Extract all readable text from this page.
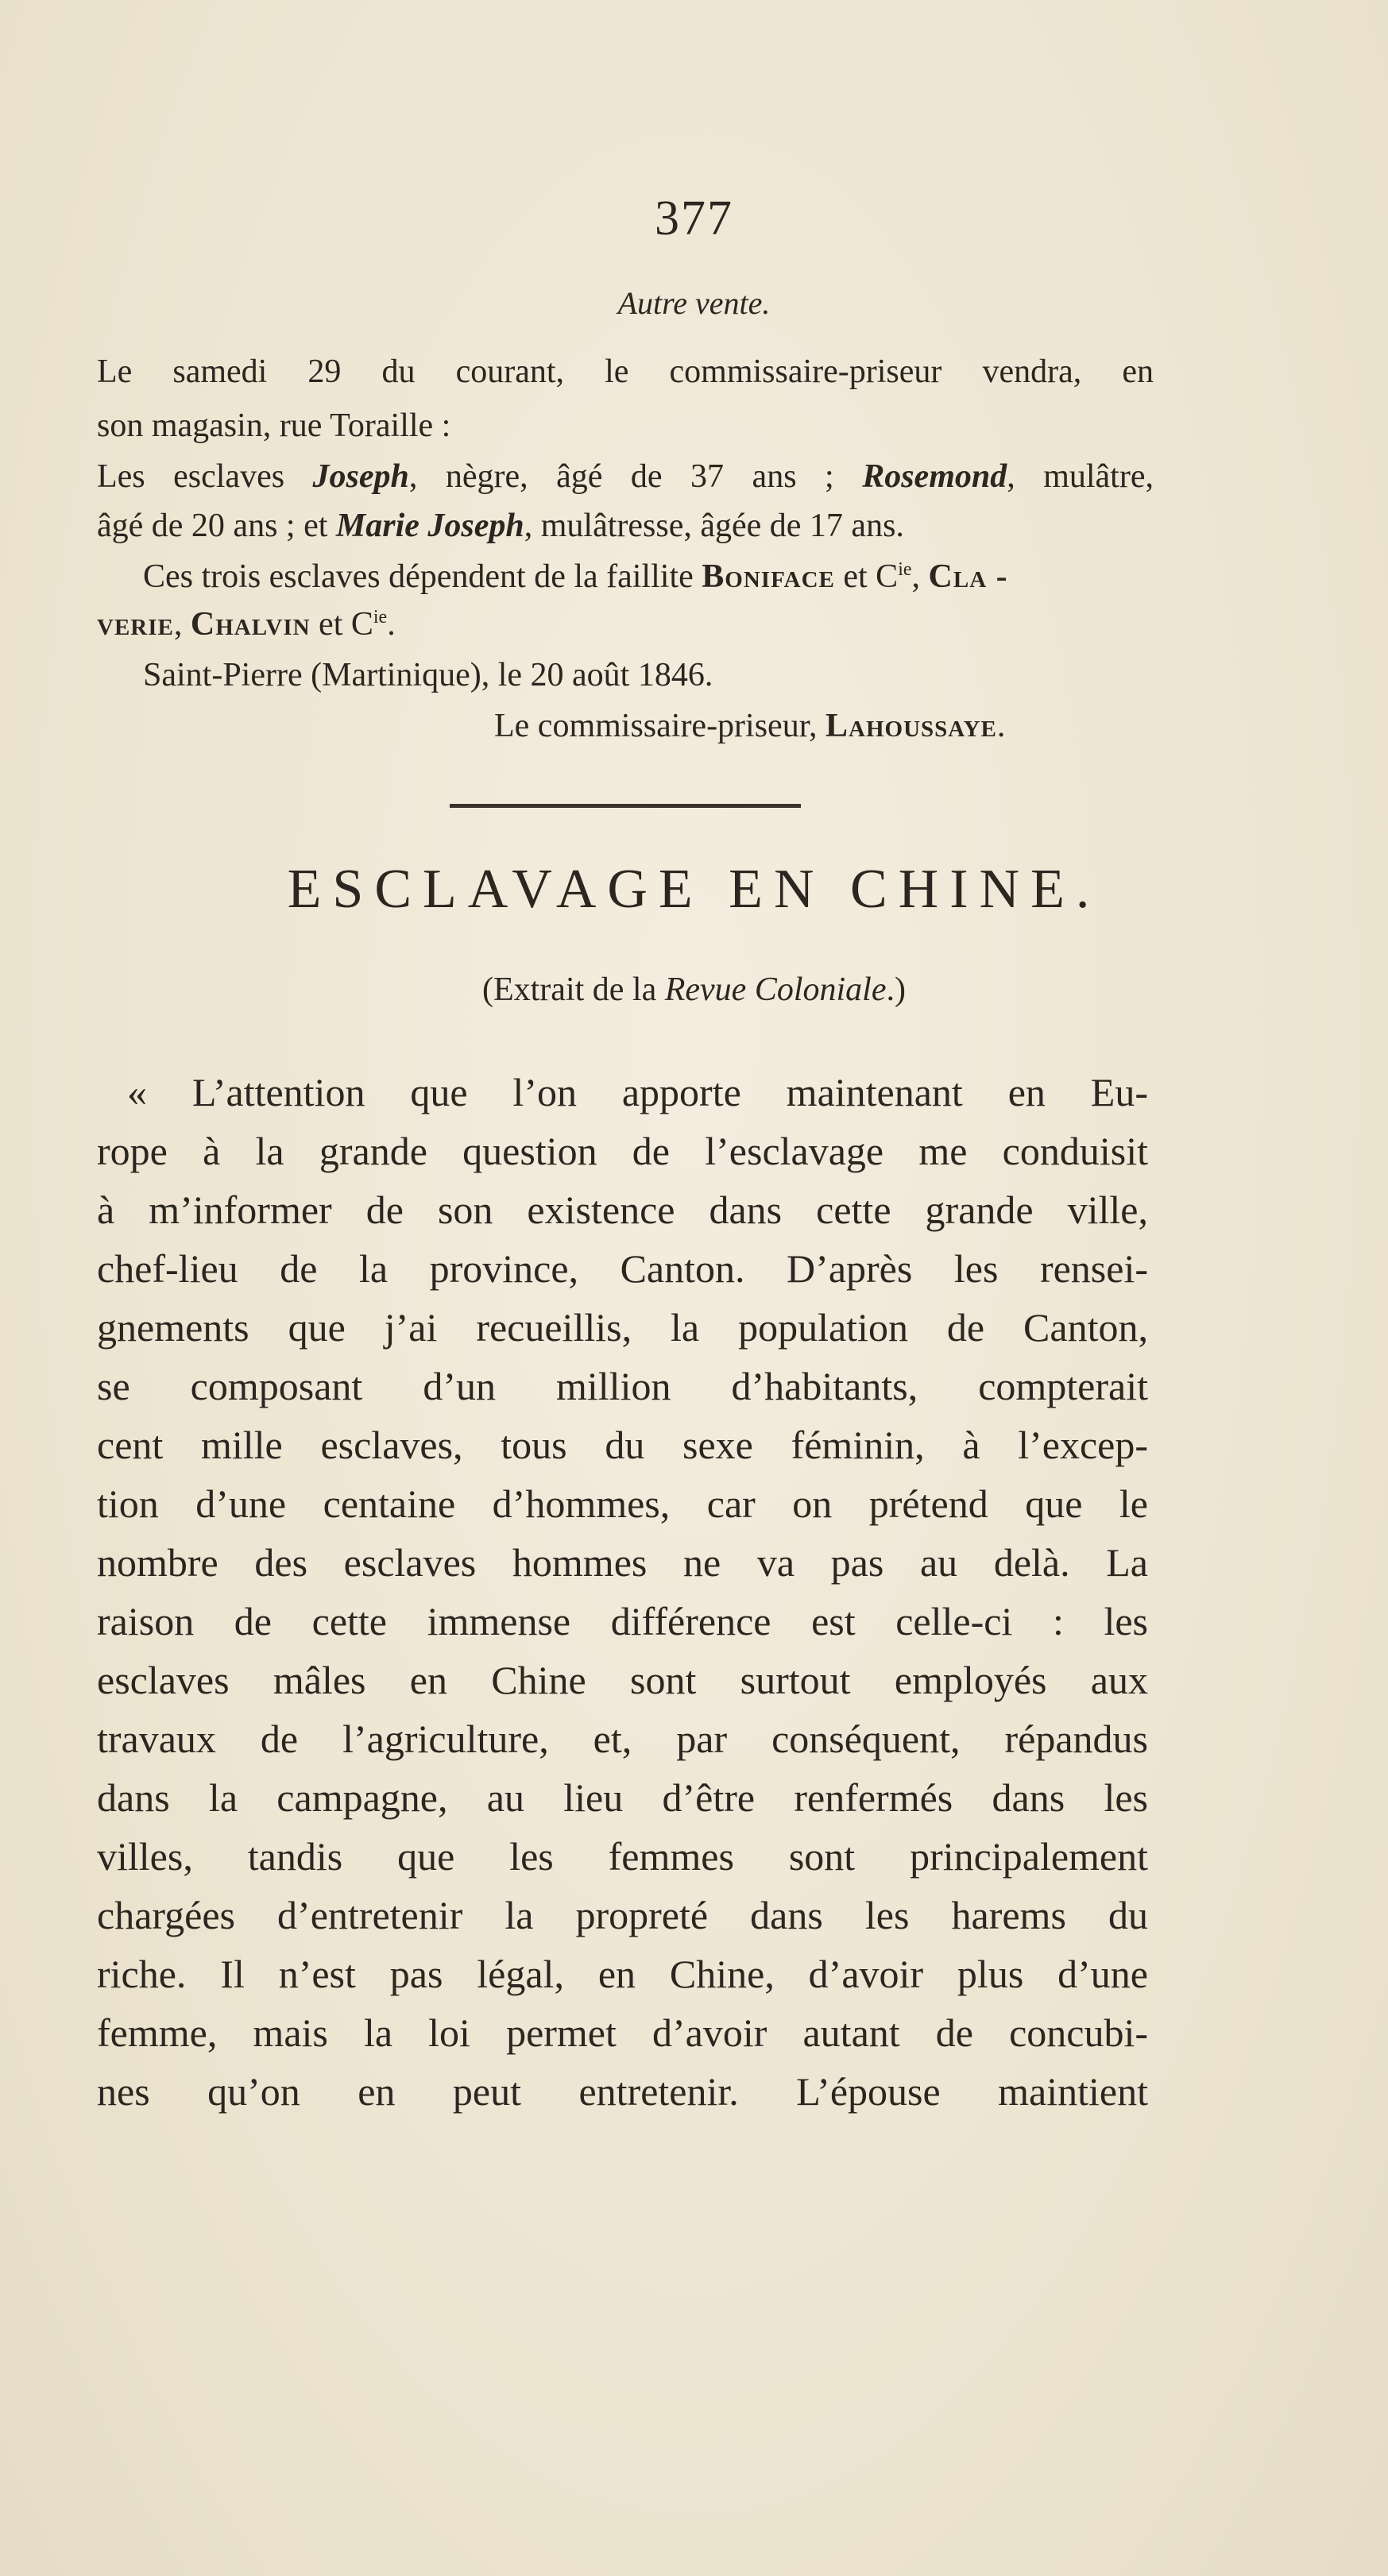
377
Autre vente.
Le samedi 29 du courant, le commissaire-priseur vendra, en
son magasin, rue Toraille :
Les esclaves Joseph, nègre, âgé de 37 ans ; Rosemond, mulâtre,
âgé de 20 ans ; et Marie Joseph, mulâtresse, âgée de 17 ans.
Ces trois esclaves dépendent de la faillite Boniface et $C^{ie}$, Cla -
verie, Chalvin et $C^{ie}$.
Saint-Pierre (Martinique), le 20 août 1846.
Le commissaire-priseur, Lahoussaye.
ESCLAVAGE EN CHINE.
(Extrait de la Revue Coloniale.)
« L’attention que l’on apporte maintenant en Eu-
rope à la grande question de l’esclavage me conduisit
à m’informer de son existence dans cette grande ville,
chef-lieu de la province, Canton. D’après les rensei-
gnements que j’ai recueillis, la population de Canton,
se composant d’un million d’habitants, compterait
cent mille esclaves, tous du sexe féminin, à l’excep-
tion d’une centaine d’hommes, car on prétend que le
nombre des esclaves hommes ne va pas au delà. La
raison de cette immense différence est celle-ci : les
esclaves mâles en Chine sont surtout employés aux
travaux de l’agriculture, et, par conséquent, répandus
dans la campagne, au lieu d’être renfermés dans les
villes, tandis que les femmes sont principalement
chargées d’entretenir la propreté dans les harems du
riche. Il n’est pas légal, en Chine, d’avoir plus d’une
femme, mais la loi permet d’avoir autant de concubi-
nes qu’on en peut entretenir. L’épouse maintient
